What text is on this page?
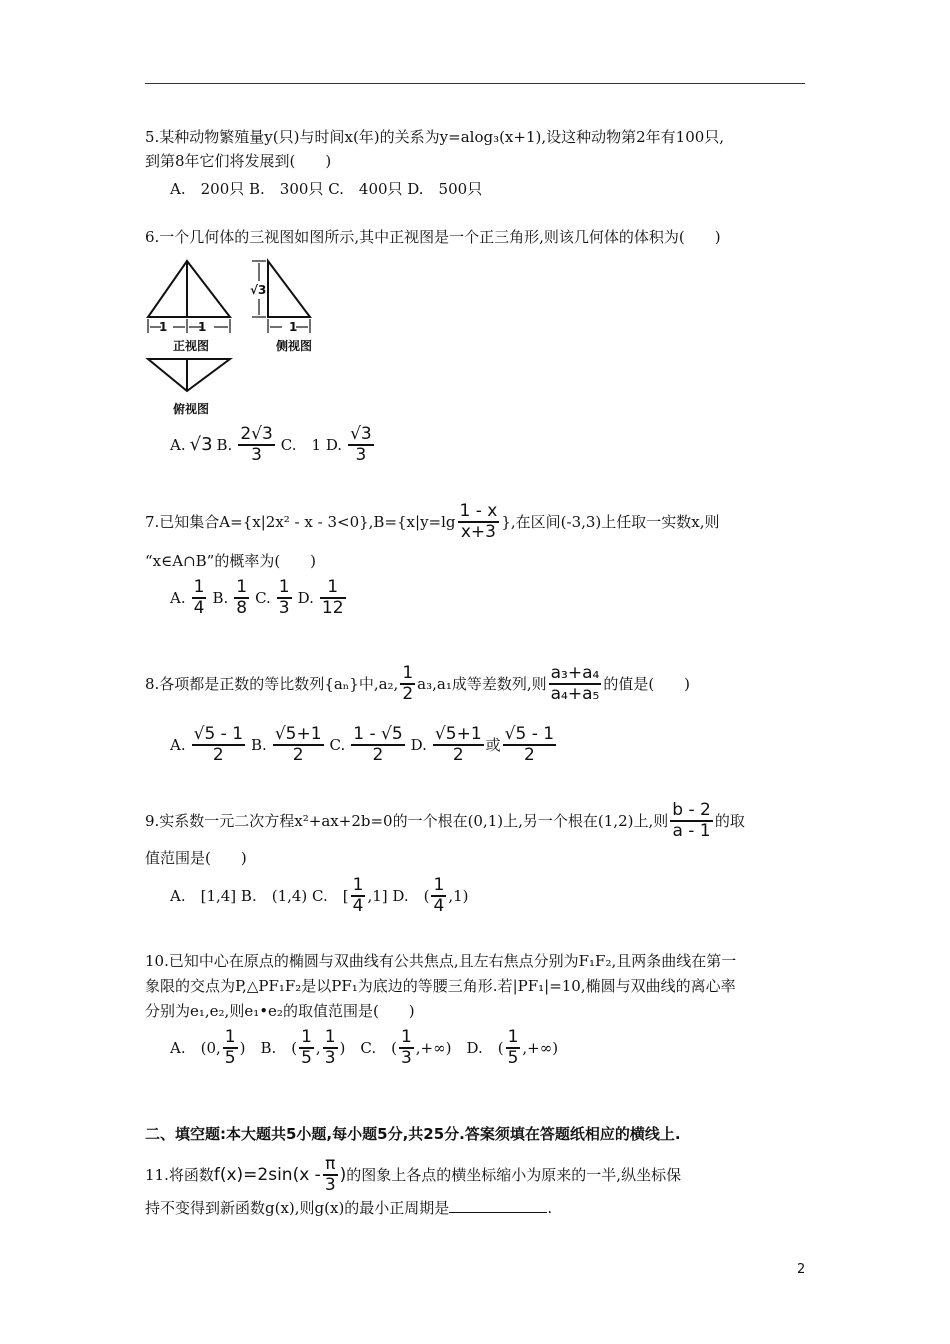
5.某种动物繁殖量y(只)与时间x(年)的关系为y=alog₃(x+1),设这种动物第2年有100只,
到第8年它们将发展到(　　)
A.　200只 B.　300只 C.　400只 D.　500只
6.一个几何体的三视图如图所示,其中正视图是一个正三角形,则该几何体的体积为(　　)
1	1	1
√3
正视图	侧视图
俯视图
A. √3 B. $\frac{2√3}{3} C$.　1 D. $\frac{√3}{3}$
7.已知集合$A=\{x|2x^2 - x - 3<0\},B=\{x|y=\lg \frac{1 - x}{x+3}$ },在区间(-3,3)上任取一实数x,则
“x∈A∩B”的概率为(　　)
A. $\frac{1}{4} B$. $\frac{1}{8} C$. $\frac{1}{3} D$. $\frac{1}{12}$
8.各项都是正数的等比数列{aₙ}中,a₂, $\frac{1}{2} a_3,a_1$成等差数列,则 $\frac{\text{a₃+a₄}}{\text{a₄+a₅}}$ 的值是(　　)
A. $\frac{√5 - 1}{2} B$. $\frac{√5+1}{2} C$. $\frac{1 - √5}{2} D$. $\frac{√5+1}{2}$ 或 $\frac{√5 - 1}{2}$
9.实系数一元二次方程x²+ax+2b=0的一个根在(0,1)上,另一个根在(1,2)上,则 $\frac{b - 2}{a - 1}$ 的取
值范围是(　　)
A.　[1,4] B.　(1,4) C.　[ $\frac{1}{4} ,1$] D.　( $\frac{1}{4} ,1$)
10.已知中心在原点的椭圆与双曲线有公共焦点,且左右焦点分别为F₁F₂,且两条曲线在第一
象限的交点为P,△PF₁F₂是以PF₁为底边的等腰三角形.若|PF₁|=10,椭圆与双曲线的离心率
分别为e₁,e₂,则e₁•e₂的取值范围是(　　)
A.　(0, $\frac{1}{5}$ )　B.　( $\frac{1}{5}$ , $\frac{1}{3}$ )　C.　( $\frac{1}{3}$ ,+∞)　D.　( $\frac{1}{5}$ ,+∞)
二、填空题:本大题共5小题,每小题5分,共25分.答案须填在答题纸相应的横线上.
11.将函数 $f(x)=2\sin(x - \frac{\pi}{3}$ ) 的图象上各点的横坐标缩小为原来的一半,纵坐标保
持不变得到新函数g(x),则g(x)的最小正周期是	.
2
